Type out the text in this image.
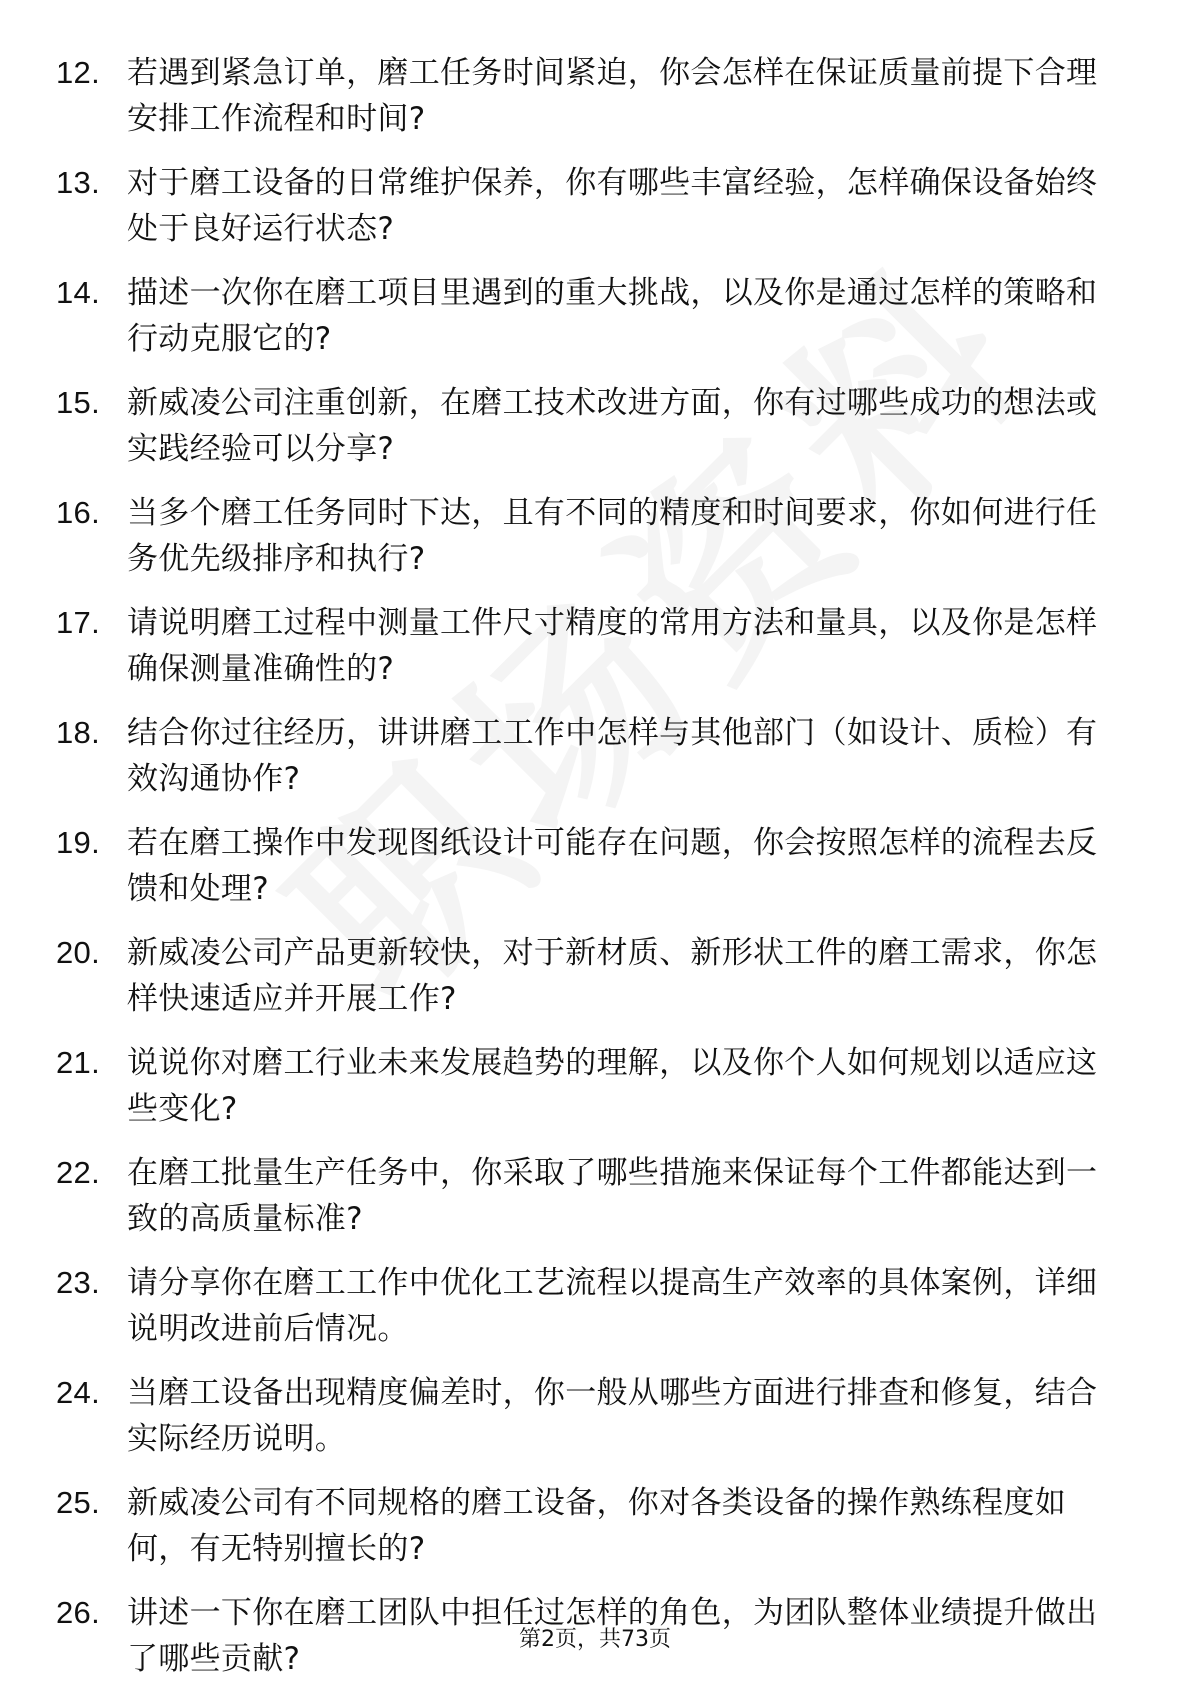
12. 若遇到紧急订单，磨工任务时间紧迫，你会怎样在保证质量前提下合理安排工作流程和时间?
13. 对于磨工设备的日常维护保养，你有哪些丰富经验，怎样确保设备始终处于良好运行状态?
14. 描述一次你在磨工项目里遇到的重大挑战，以及你是通过怎样的策略和行动克服它的?
15. 新威凌公司注重创新，在磨工技术改进方面，你有过哪些成功的想法或实践经验可以分享?
16. 当多个磨工任务同时下达，且有不同的精度和时间要求，你如何进行任务优先级排序和执行?
17. 请说明磨工过程中测量工件尺寸精度的常用方法和量具，以及你是怎样确保测量准确性的?
18. 结合你过往经历，讲讲磨工工作中怎样与其他部门（如设计、质检）有效沟通协作?
19. 若在磨工操作中发现图纸设计可能存在问题，你会按照怎样的流程去反馈和处理?
20. 新威凌公司产品更新较快，对于新材质、新形状工件的磨工需求，你怎样快速适应并开展工作?
21. 说说你对磨工行业未来发展趋势的理解，以及你个人如何规划以适应这些变化?
22. 在磨工批量生产任务中，你采取了哪些措施来保证每个工件都能达到一致的高质量标准?
23. 请分享你在磨工工作中优化工艺流程以提高生产效率的具体案例，详细说明改进前后情况。
24. 当磨工设备出现精度偏差时，你一般从哪些方面进行排查和修复，结合实际经历说明。
25. 新威凌公司有不同规格的磨工设备，你对各类设备的操作熟练程度如何，有无特别擅长的?
26. 讲述一下你在磨工团队中担任过怎样的角色，为团队整体业绩提升做出了哪些贡献?
第2页，共73页
